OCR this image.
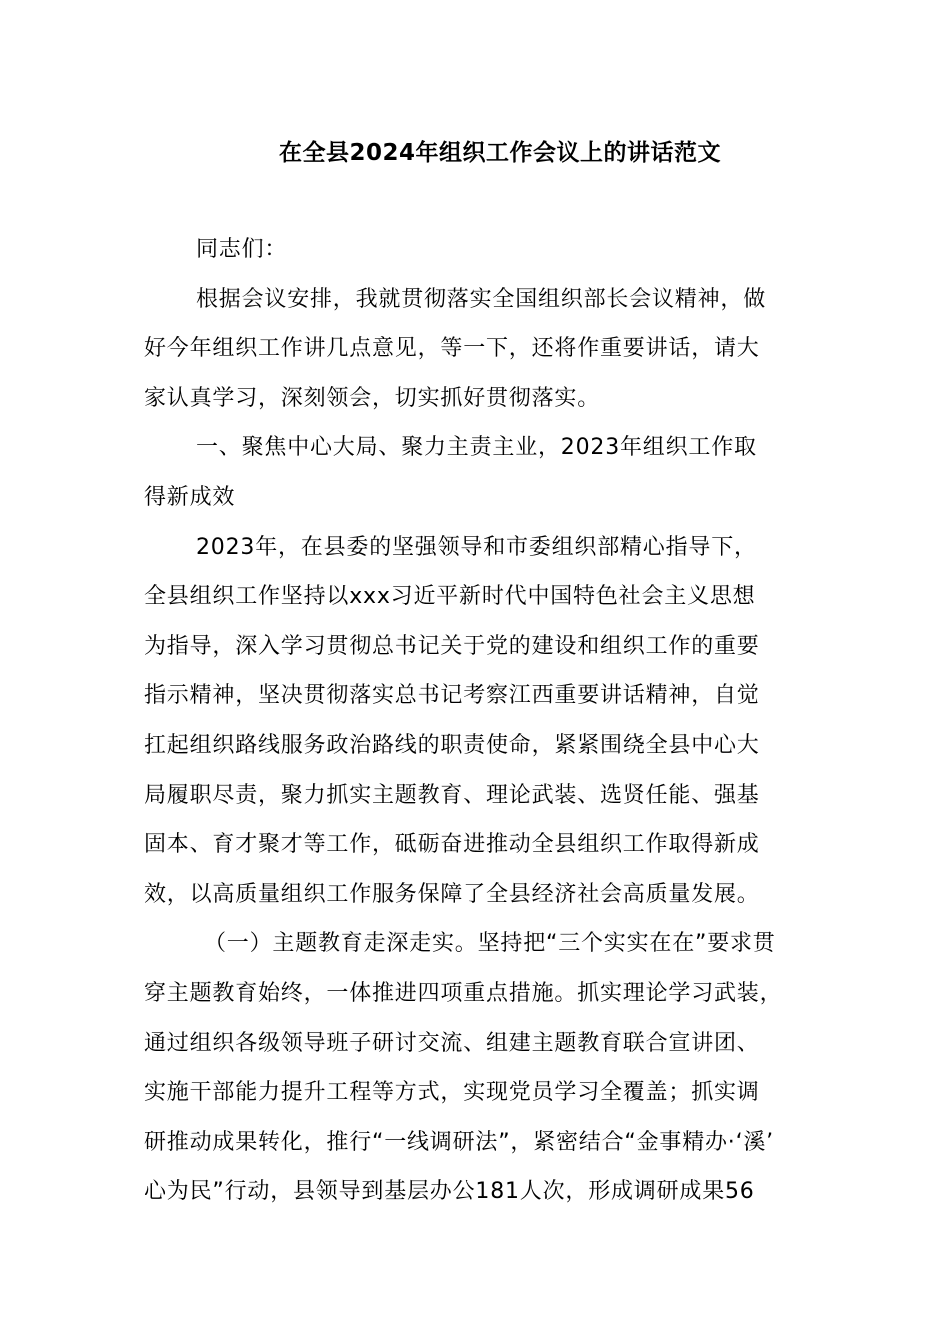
在全县2024年组织工作会议上的讲话范文
同志们：
根据会议安排，我就贯彻落实全国组织部长会议精神，做
好今年组织工作讲几点意见，等一下，还将作重要讲话，请大
家认真学习，深刻领会，切实抓好贯彻落实。
一、聚焦中心大局、聚力主责主业，2023年组织工作取
得新成效
2023年，在县委的坚强领导和市委组织部精心指导下，
全县组织工作坚持以xxx习近平新时代中国特色社会主义思想
为指导，深入学习贯彻总书记关于党的建设和组织工作的重要
指示精神，坚决贯彻落实总书记考察江西重要讲话精神，自觉
扛起组织路线服务政治路线的职责使命，紧紧围绕全县中心大
局履职尽责，聚力抓实主题教育、理论武装、选贤任能、强基
固本、育才聚才等工作，砥砺奋进推动全县组织工作取得新成
效，以高质量组织工作服务保障了全县经济社会高质量发展。
（一）主题教育走深走实。坚持把“三个实实在在”要求贯
穿主题教育始终，一体推进四项重点措施。抓实理论学习武装，
通过组织各级领导班子研讨交流、组建主题教育联合宣讲团、
实施干部能力提升工程等方式，实现党员学习全覆盖；抓实调
研推动成果转化，推行“一线调研法”，紧密结合“金事精办·‘溪’
心为民”行动，县领导到基层办公181人次，形成调研成果56
